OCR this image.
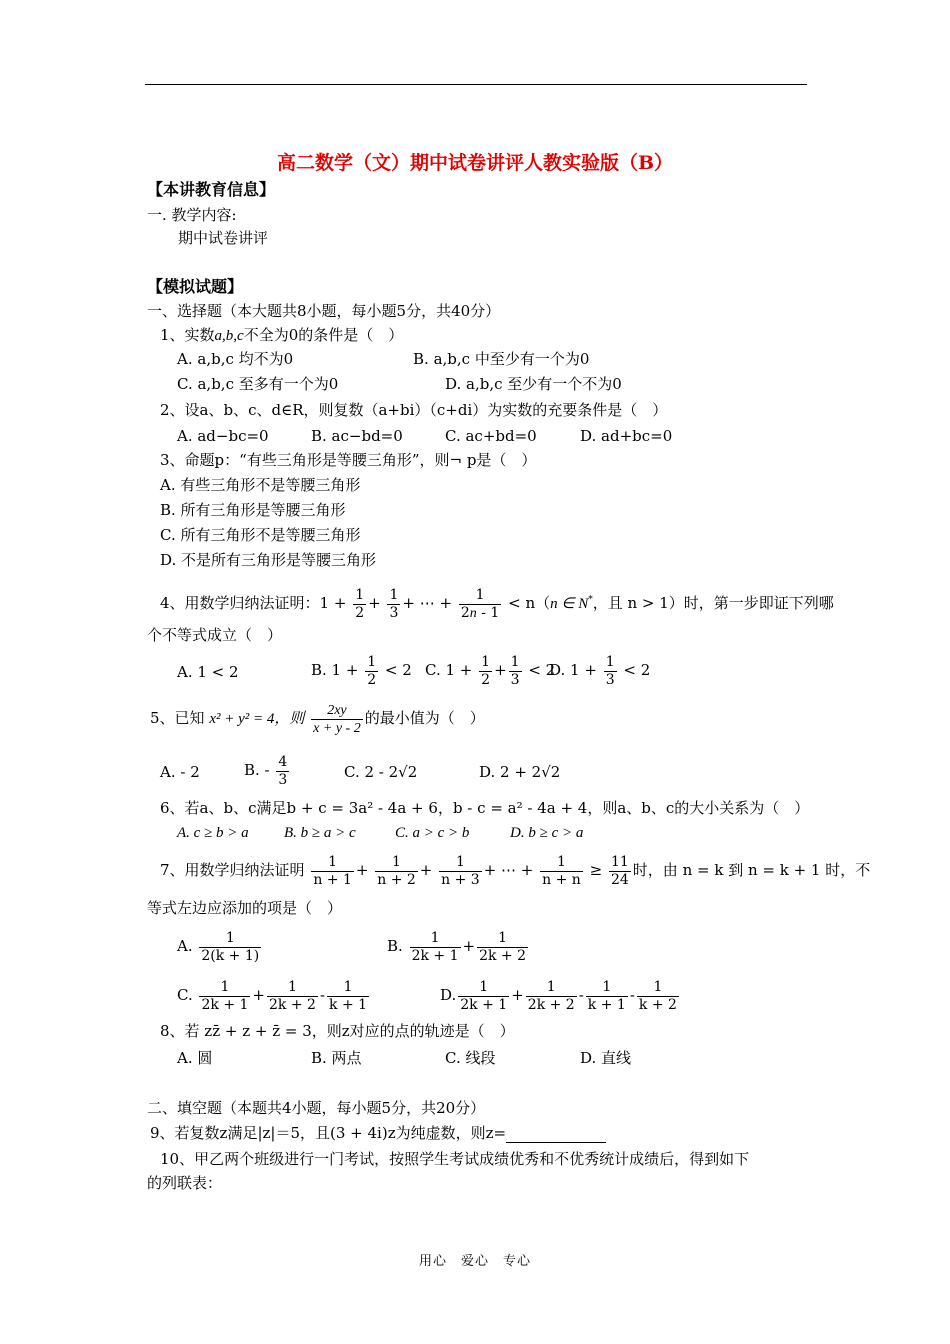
高二数学（文）期中试卷讲评人教实验版（B）
【本讲教育信息】
一. 教学内容:
期中试卷讲评
【模拟试题】
一、选择题（本大题共8小题，每小题5分，共40分）
1、实数a,b,c不全为0的条件是（　）
A. a,b,c 均不为0	B. a,b,c 中至少有一个为0
C. a,b,c 至多有一个为0	D. a,b,c 至少有一个不为0
2、设a、b、c、d∈R，则复数（a+bi）（c+di）为实数的充要条件是（　）
A. ad−bc=0	B. ac−bd=0	C. ac+bd=0	D. ad+bc=0
3、命题p：“有些三角形是等腰三角形”，则¬ p是（　）
A. 有些三角形不是等腰三角形
B. 所有三角形是等腰三角形
C. 所有三角形不是等腰三角形
D. 不是所有三角形是等腰三角形
4、用数学归纳法证明：$1 + \frac{1}{2} + \frac{1}{3}$ + ⋯ + $\frac{1}{2n - 1} < n(n$ ∈ N*，且 n > 1）时，第一步即证下列哪
个不等式成立（　）
A. 1 < 2	B. $1 + \frac{1}{2} < 2$ C. $1 + \frac{1}{2} + \frac{1}{3} < 2$
D. $1 + \frac{1}{3} < 2$
5、已知 x² + y² = 4，则 $\frac{2xy}{x + y - 2}$ 的最小值为（　）
A. - 2	B. - $\frac{4}{3}$	C. 2 - 2√2	D. 2 + 2√2
6、若a、b、c满足b + c = 3a² - 4a + 6，b - c = a² - 4a + 4，则a、b、c的大小关系为（　）
A. c ≥ b > a B. b ≥ a > c	C. a > c > b	D. b ≥ c > a
7、用数学归纳法证明 $\frac{1}{n + 1} + \frac{1}{n + 2} + \frac{1}{n + 3}$ + ⋯ + $\frac{1}{n + n} \ge \frac{11}{24}$ 时，由 n = k 到 n = k + 1 时，不
等式左边应添加的项是（　）
A. $\frac{1}{2(k + 1)}$	B. $\frac{1}{2k + 1} + \frac{1}{2k + 2}$
C. $\frac{1}{2k + 1} + \frac{1}{2k + 2} - \frac{1}{k + 1}$	D. $\frac{1}{2k + 1} + \frac{1}{2k + 2} - \frac{1}{k + 1} - \frac{1}{k + 2}$
8、若 zz̄ + z + z̄ = 3，则z对应的点的轨迹是（　）
A. 圆	B. 两点	C. 线段	D. 直线
二、填空题（本题共4小题，每小题5分，共20分）
9、若复数z满足|z|＝5，且(3 + 4i)z为纯虚数，则z=
10、甲乙两个班级进行一门考试，按照学生考试成绩优秀和不优秀统计成绩后，得到如下
的列联表：
用心　爱心　专心
